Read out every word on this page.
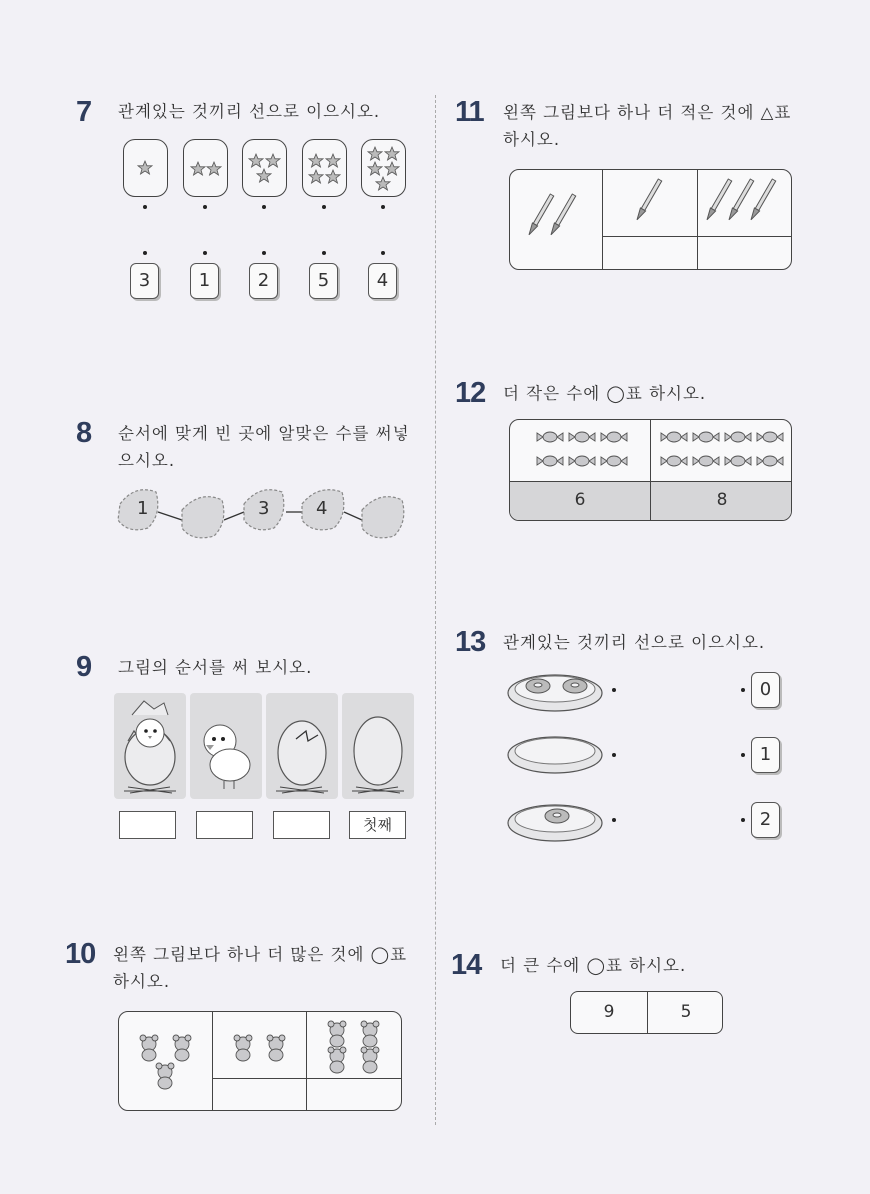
7 관계있는 것끼리 선으로 이으시오.
3	1	2	5	4
8 순서에 맞게 빈 곳에 알맞은 수를 써넣
으시오.
1	3	4
9 그림의 순서를 써 보시오.
첫째
10 왼쪽 그림보다 하나 더 많은 것에 ◯표
하시오.
11 왼쪽 그림보다 하나 더 적은 것에 △표
하시오.
12 더 작은 수에 ◯표 하시오.
6	8
13 관계있는 것끼리 선으로 이으시오.
0
1
2
14 더 큰 수에 ◯표 하시오.
9	5
